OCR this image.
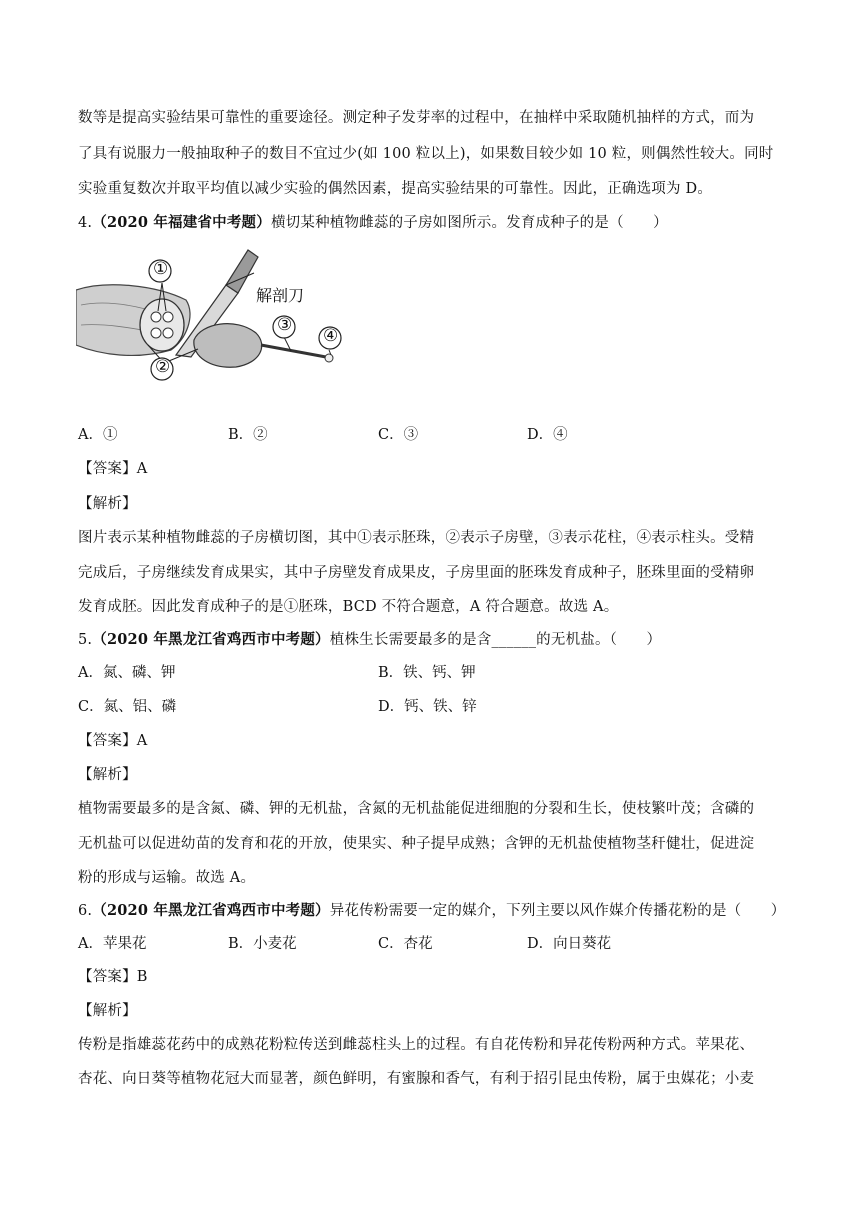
数等是提高实验结果可靠性的重要途径。测定种子发芽率的过程中，在抽样中采取随机抽样的方式，而为
了具有说服力一般抽取种子的数目不宜过少(如 100 粒以上)，如果数目较少如 10 粒，则偶然性较大。同时
实验重复数次并取平均值以减少实验的偶然因素，提高实验结果的可靠性。因此，正确选项为 D。
4.（2020 年福建省中考题）横切某种植物雌蕊的子房如图所示。发育成种子的是（　　）
①
②
③
④
解剖刀
A．①	B．②	C．③	D．④
【答案】A
【解析】
图片表示某种植物雌蕊的子房横切图，其中①表示胚珠，②表示子房壁，③表示花柱，④表示柱头。受精
完成后，子房继续发育成果实，其中子房壁发育成果皮，子房里面的胚珠发育成种子，胚珠里面的受精卵
发育成胚。因此发育成种子的是①胚珠，BCD 不符合题意，A 符合题意。故选 A。
5.（2020 年黑龙江省鸡西市中考题）植株生长需要最多的是含______的无机盐。（　　）
A．氮、磷、钾	B．铁、钙、钾
C．氮、铝、磷	D．钙、铁、锌
【答案】A
【解析】
植物需要最多的是含氮、磷、钾的无机盐，含氮的无机盐能促进细胞的分裂和生长，使枝繁叶茂；含磷的
无机盐可以促进幼苗的发育和花的开放，使果实、种子提早成熟；含钾的无机盐使植物茎秆健壮，促进淀
粉的形成与运输。故选 A。
6.（2020 年黑龙江省鸡西市中考题）异花传粉需要一定的媒介，下列主要以风作媒介传播花粉的是（　　）
A．苹果花	B．小麦花	C．杏花	D．向日葵花
【答案】B
【解析】
传粉是指雄蕊花药中的成熟花粉粒传送到雌蕊柱头上的过程。有自花传粉和异花传粉两种方式。苹果花、
杏花、向日葵等植物花冠大而显著，颜色鲜明，有蜜腺和香气，有利于招引昆虫传粉，属于虫媒花；小麦
